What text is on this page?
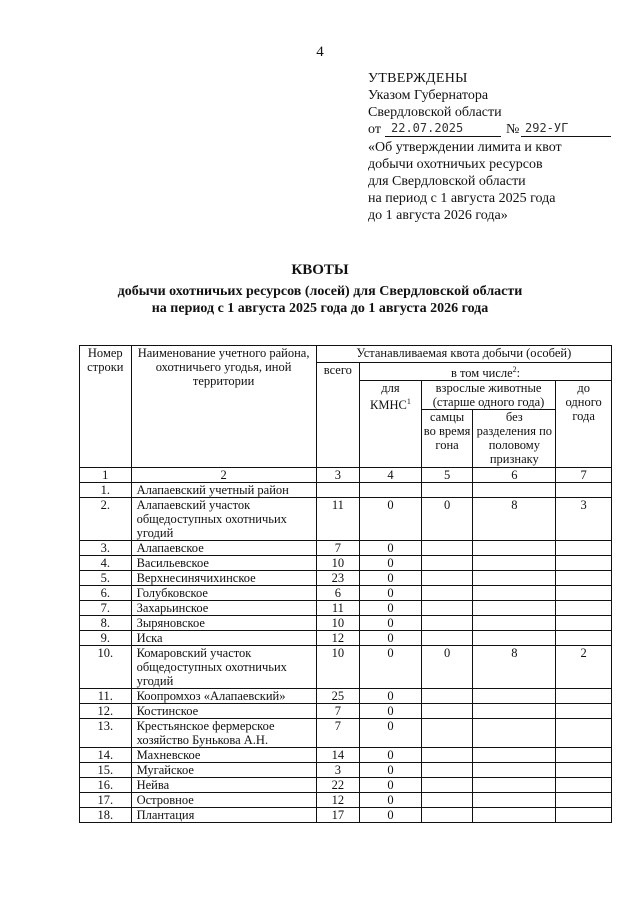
4
УТВЕРЖДЕНЫ
Указом Губернатора
Свердловской области
от 22.07.2025	№ 292-УГ
«Об утверждении лимита и квот
добычи охотничьих ресурсов
для Свердловской области
на период с 1 августа 2025 года
до 1 августа 2026 года»
КВОТЫ
добычи охотничьих ресурсов (лосей) для Свердловской области
на период с 1 августа 2025 года до 1 августа 2026 года
Номер строки	Наименование учетного района, охотничьего угодья, иной территории	Устанавливаемая квота добычи (особей)				
		всего	в том числе$^2$:			
			для КМНС$^1$	взрослые животные (старше одного года)		до одного года
				самцы во время гона	без разделения по половому признаку	
1	2	3	4	5	6	7
1.	Алапаевский учетный район					
2.	Алапаевский участок общедоступных охотничьих угодий	11	0	0	8	3
3.	Алапаевское	7	0			
4.	Васильевское	10	0			
5.	Верхнесинячихинское	23	0			
6.	Голубковское	6	0			
7.	Захарьинское	11	0			
8.	Зыряновское	10	0			
9.	Иска	12	0			
10.	Комаровский участок общедоступных охотничьих угодий	10	0	0	8	2
11.	Коопромхоз «Алапаевский»	25	0			
12.	Костинское	7	0			
13.	Крестьянское фермерское хозяйство Бунькова А.Н.	7	0			
14.	Махневское	14	0			
15.	Мугайское	3	0			
16.	Нейва	22	0			
17.	Островное	12	0			
18.	Плантация	17	0			
